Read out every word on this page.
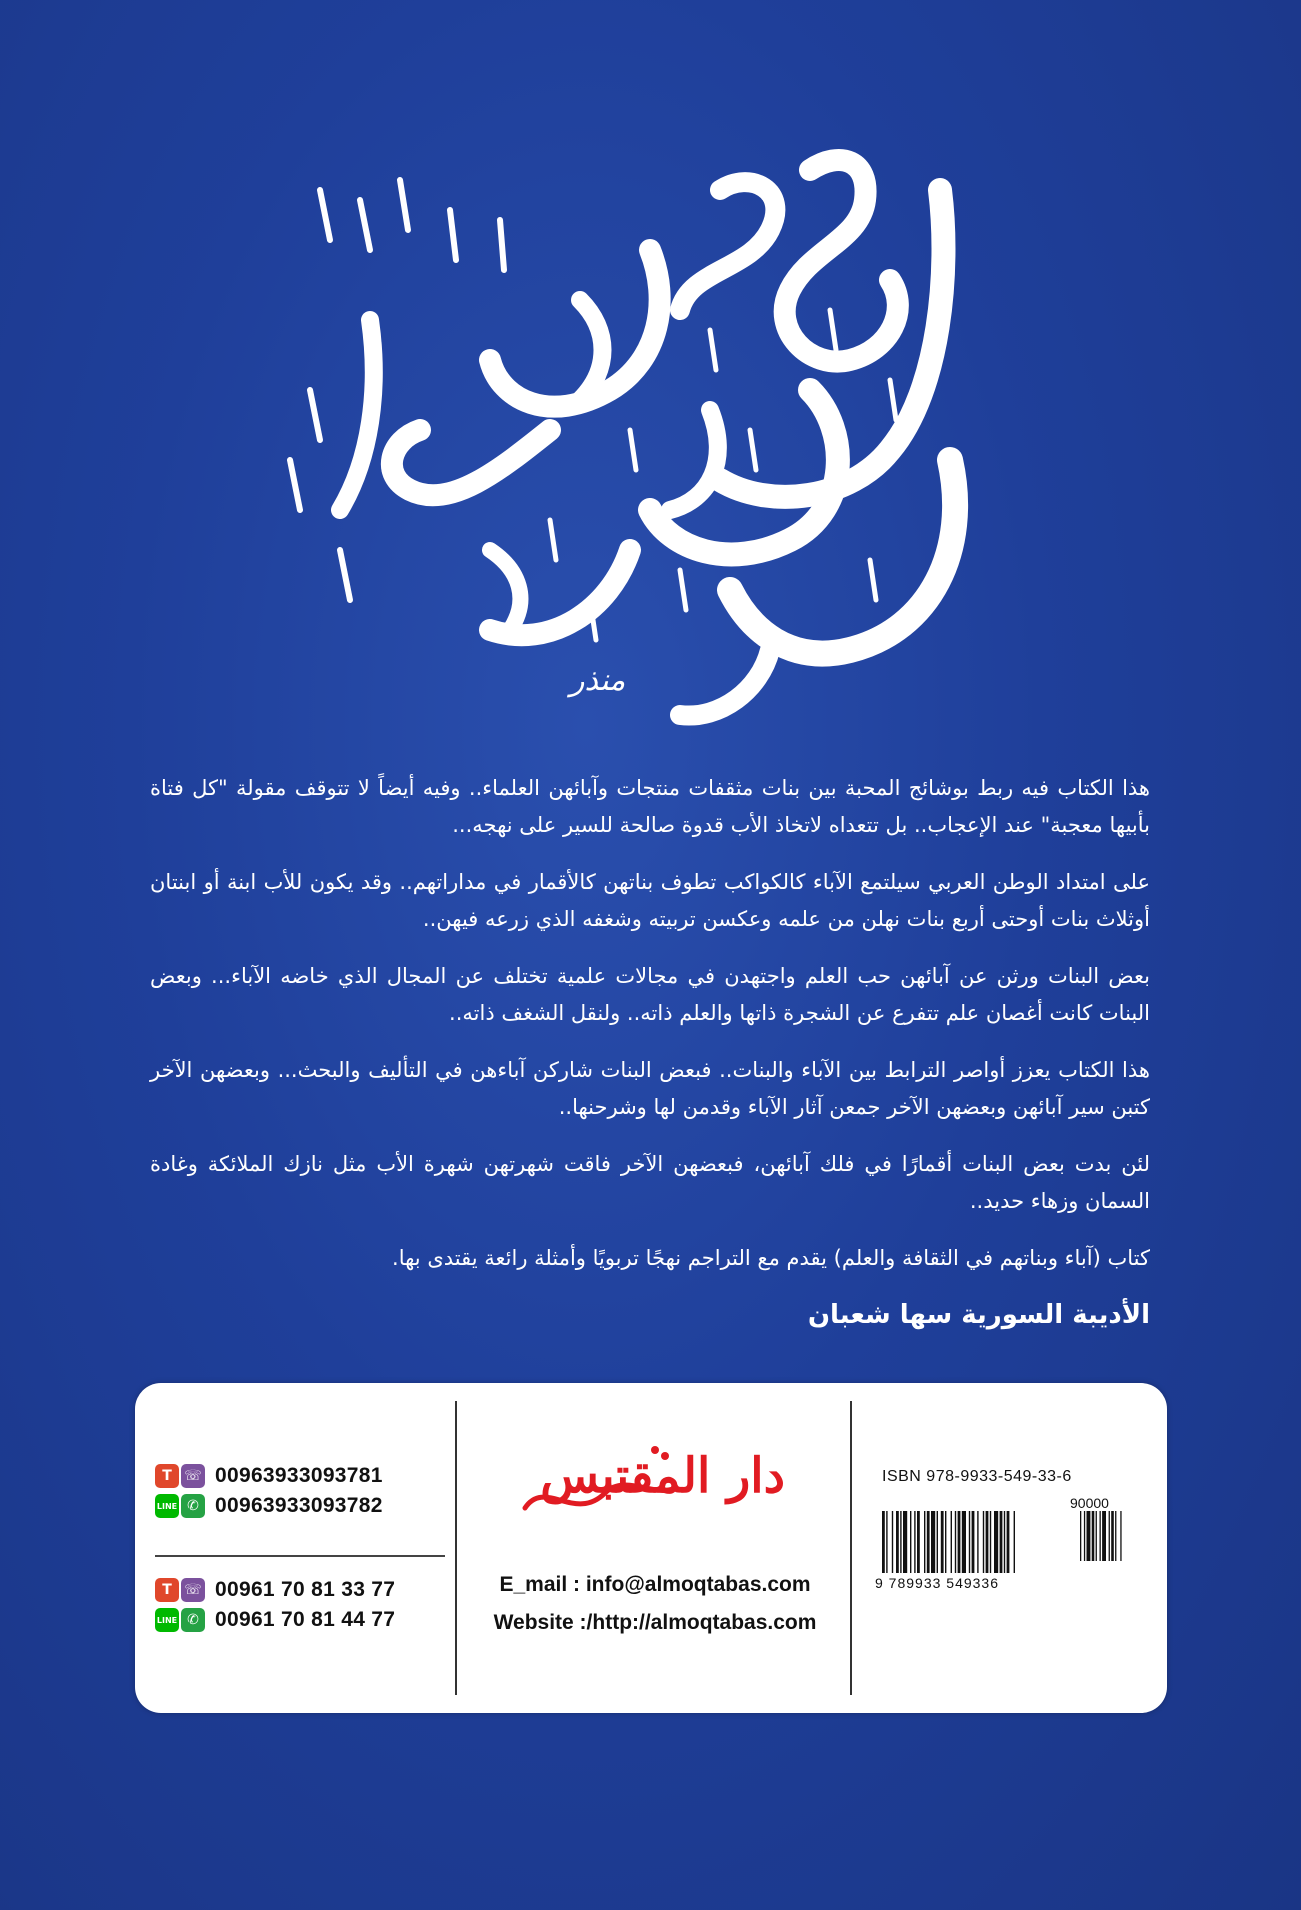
منذر

هذا الكتاب فيه ربط بوشائج المحبة بين بنات مثقفات منتجات وآبائهن العلماء.. وفيه أيضاً لا تتوقف مقولة "كل فتاة بأبيها معجبة" عند الإعجاب.. بل تتعداه لاتخاذ الأب قدوة صالحة للسير على نهجه...

على امتداد الوطن العربي سيلتمع الآباء كالكواكب تطوف بناتهن كالأقمار في مداراتهم.. وقد يكون للأب ابنة أو ابنتان أوثلاث بنات أوحتى أربع بنات نهلن من علمه وعكسن تربيته وشغفه الذي زرعه فيهن..

بعض البنات ورثن عن آبائهن حب العلم واجتهدن في مجالات علمية تختلف عن المجال الذي خاضه الآباء... وبعض البنات كانت أغصان علم تتفرع عن الشجرة ذاتها والعلم ذاته.. ولنقل الشغف ذاته..

هذا الكتاب يعزز أواصر الترابط بين الآباء والبنات.. فبعض البنات شاركن آباءهن في التأليف والبحث... وبعضهن الآخر كتبن سير آبائهن وبعضهن الآخر جمعن آثار الآباء وقدمن لها وشرحنها..

لئن بدت بعض البنات أقمارًا في فلك آبائهن، فبعضهن الآخر فاقت شهرتهن شهرة الأب مثل نازك الملائكة وغادة السمان وزهاء حديد..

كتاب (آباء وبناتهم في الثقافة والعلم) يقدم مع التراجم نهجًا تربويًا وأمثلة رائعة يقتدى بها.

الأديبة السورية سها شعبان

T ☏ 00963933093781
LINE ✆ 00963933093782
T ☏ 00961 70 81 33 77
LINE ✆ 00961 70 81 44 77
دار المقتبس
E_mail : info@almoqtabas.com
Website :/http://almoqtabas.com
ISBN 978-9933-549-33-6
90000
9 789933 549336
